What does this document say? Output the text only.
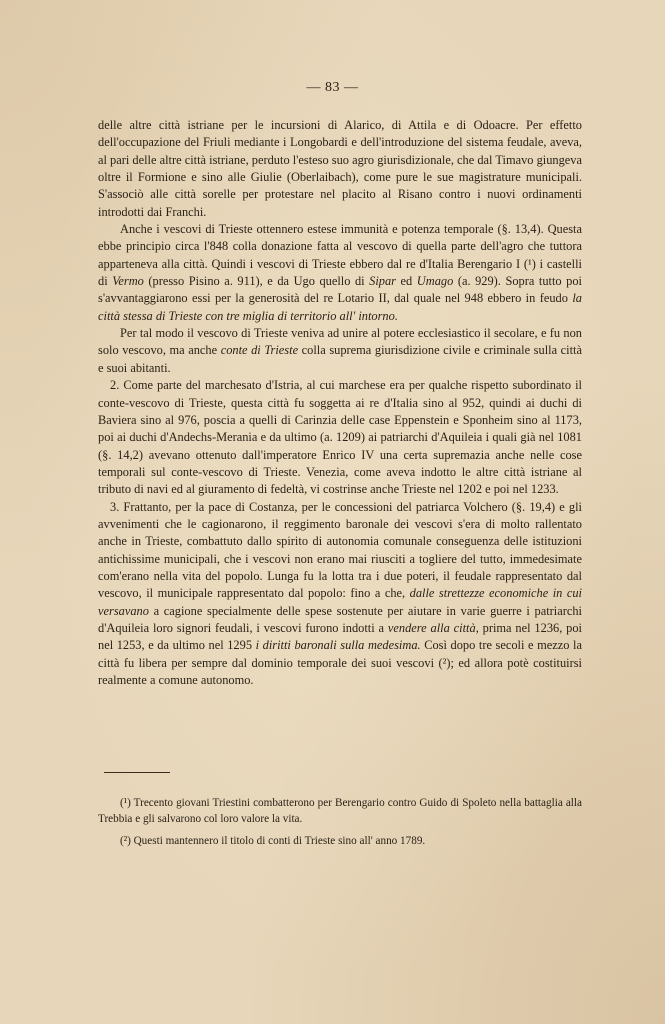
— 83 —

delle altre città istriane per le incursioni di Alarico, di Attila e di Odoacre. Per effetto dell'occupazione del Friuli mediante i Longobardi e dell'introduzione del sistema feudale, aveva, al pari delle altre città istriane, perduto l'esteso suo agro giurisdizionale, che dal Timavo giungeva oltre il Formione e sino alle Giulie (Oberlaibach), come pure le sue magistrature municipali. S'associò alle città sorelle per protestare nel placito al Risano contro i nuovi ordinamenti introdotti dai Franchi.

Anche i vescovi di Trieste ottennero estese immunità e potenza temporale (§. 13,4). Questa ebbe principio circa l'848 colla donazione fatta al vescovo di quella parte dell'agro che tuttora apparteneva alla città. Quindi i vescovi di Trieste ebbero dal re d'Italia Berengario I (¹) i castelli di Vermo (presso Pisino a. 911), e da Ugo quello di Sipar ed Umago (a. 929). Sopra tutto poi s'avvantaggiarono essi per la generosità del re Lotario II, dal quale nel 948 ebbero in feudo la città stessa di Trieste con tre miglia di territorio all' intorno.

Per tal modo il vescovo di Trieste veniva ad unire al potere ecclesiastico il secolare, e fu non solo vescovo, ma anche conte di Trieste colla suprema giurisdizione civile e criminale sulla città e suoi abitanti.

2. Come parte del marchesato d'Istria, al cui marchese era per qualche rispetto subordinato il conte-vescovo di Trieste, questa città fu soggetta ai re d'Italia sino al 952, quindi ai duchi di Baviera sino al 976, poscia a quelli di Carinzia delle case Eppenstein e Sponheim sino al 1173, poi ai duchi d'Andechs-Merania e da ultimo (a. 1209) ai patriarchi d'Aquileia i quali già nel 1081 (§. 14,2) avevano ottenuto dall'imperatore Enrico IV una certa supremazia anche nelle cose temporali sul conte-vescovo di Trieste. Venezia, come aveva indotto le altre città istriane al tributo di navi ed al giuramento di fedeltà, vi costrinse anche Trieste nel 1202 e poi nel 1233.

3. Frattanto, per la pace di Costanza, per le concessioni del patriarca Volchero (§. 19,4) e gli avvenimenti che le cagionarono, il reggimento baronale dei vescovi s'era di molto rallentato anche in Trieste, combattuto dallo spirito di autonomia comunale conseguenza delle istituzioni antichissime municipali, che i vescovi non erano mai riusciti a togliere del tutto, immedesimate com'erano nella vita del popolo. Lunga fu la lotta tra i due poteri, il feudale rappresentato dal vescovo, il municipale rappresentato dal popolo: fino a che, dalle strettezze economiche in cui versavano a cagione specialmente delle spese sostenute per aiutare in varie guerre i patriarchi d'Aquileia loro signori feudali, i vescovi furono indotti a vendere alla città, prima nel 1236, poi nel 1253, e da ultimo nel 1295 i diritti baronali sulla medesima. Così dopo tre secoli e mezzo la città fu libera per sempre dal dominio temporale dei suoi vescovi (²); ed allora potè costituirsi realmente a comune autonomo.

(¹) Trecento giovani Triestini combatterono per Berengario contro Guido di Spoleto nella battaglia alla Trebbia e gli salvarono col loro valore la vita.

(²) Questi mantennero il titolo di conti di Trieste sino all' anno 1789.
